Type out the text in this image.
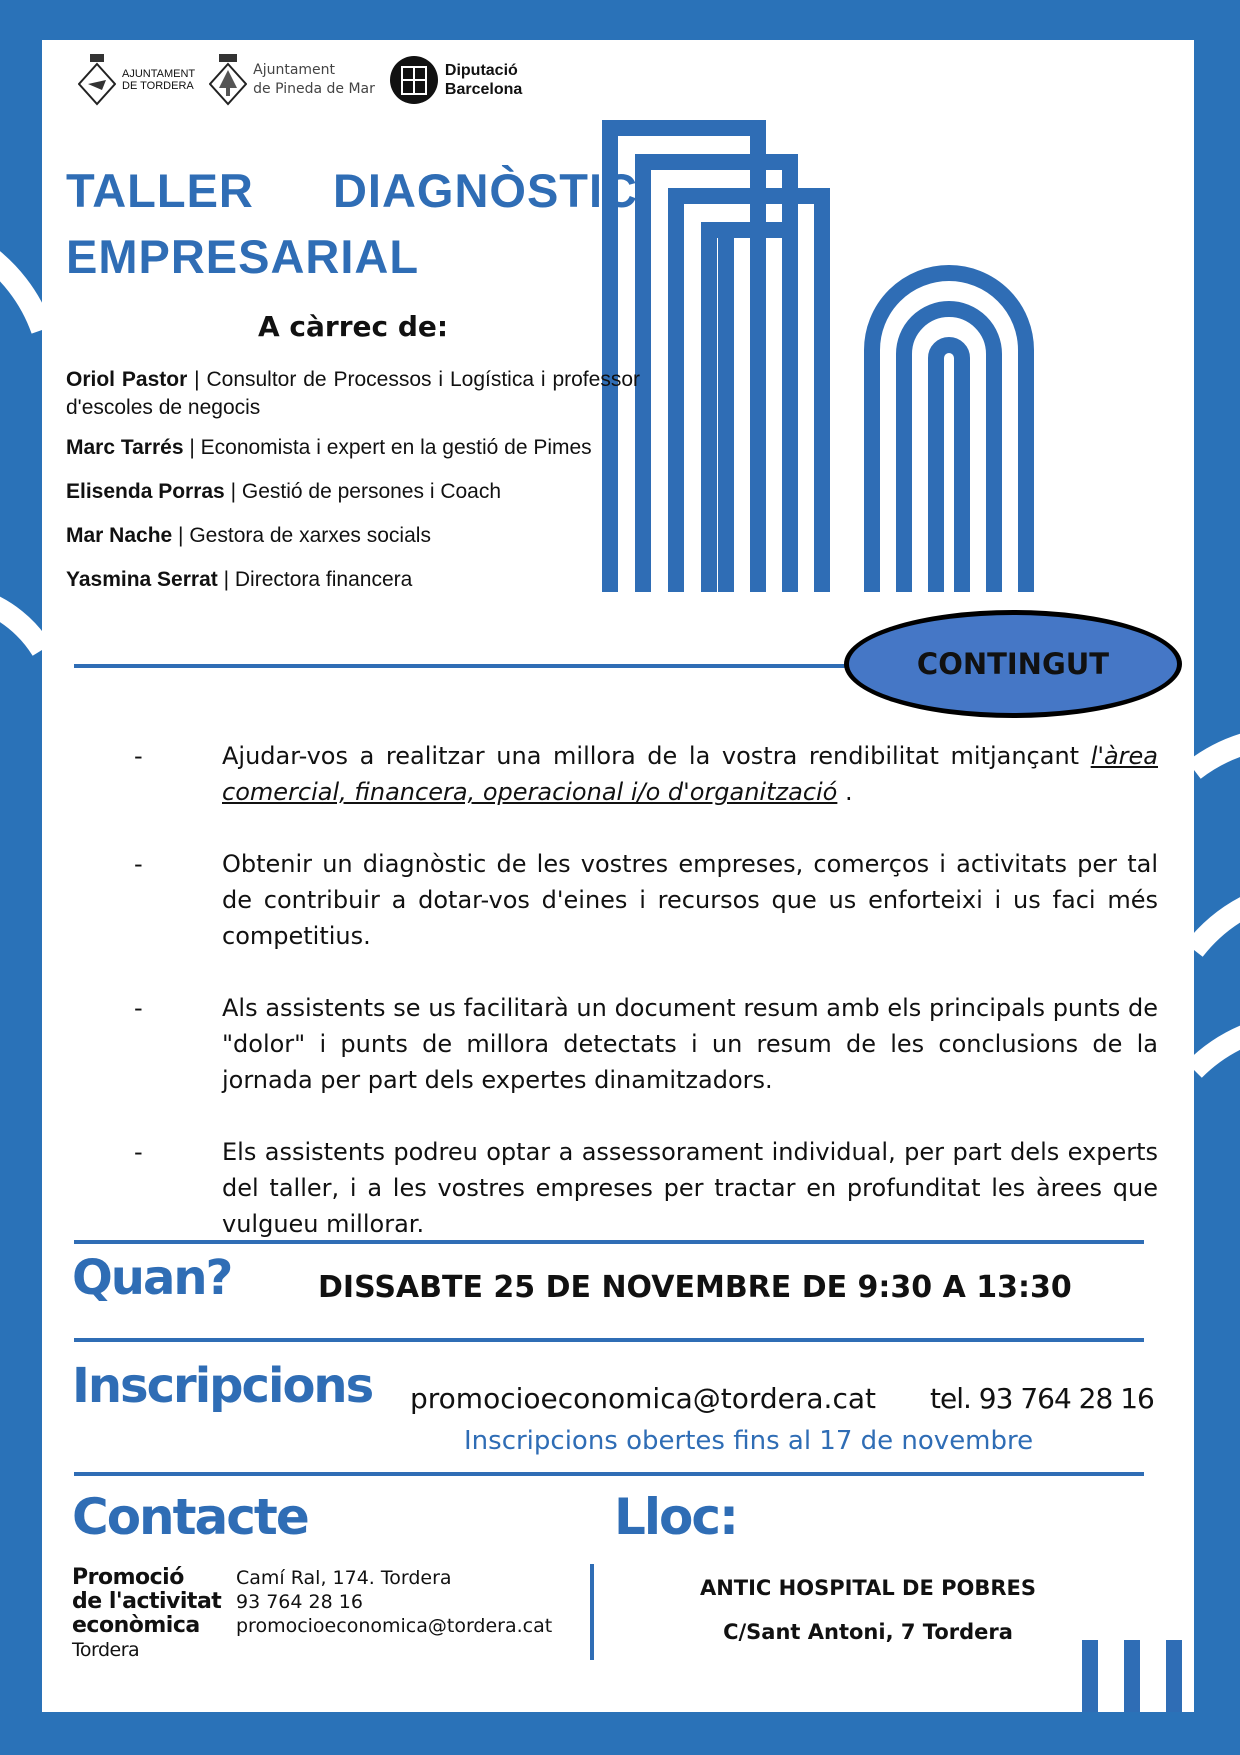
AJUNTAMENT
DE TORDERA
Ajuntament
de Pineda de Mar
Diputació
Barcelona
TALLER DIAGNÒSTIC
EMPRESARIAL
A càrrec de:
Oriol Pastor | Consultor de Processos i Logística i professor d'escoles de negocis
Marc Tarrés | Economista i expert en la gestió de Pimes
Elisenda Porras | Gestió de persones i Coach
Mar Nache | Gestora de xarxes socials
Yasmina Serrat | Directora financera
CONTINGUT
-	Ajudar-vos a realitzar una millora de la vostra rendibilitat mitjançant l'àrea comercial, financera, operacional i/o d'organització .
-	Obtenir un diagnòstic de les vostres empreses, comerços i activitats per tal de contribuir a dotar-vos d'eines i recursos que us enforteixi i us faci més competitius.
-	Als assistents se us facilitarà un document resum amb els principals punts de "dolor" i punts de millora detectats i un resum de les conclusions de la jornada per part dels expertes dinamitzadors.
-	Els assistents podreu optar a assessorament individual, per part dels experts del taller, i a les vostres empreses per tractar en profunditat les àrees que vulgueu millorar.
Quan?	DISSABTE 25 DE NOVEMBRE DE 9:30 A 13:30
Inscripcions promocioeconomica@tordera.cat tel. 93 764 28 16
Inscripcions obertes fins al 17 de novembre
Contacte	Lloc:
Promoció
de l'activitat
econòmica
Tordera
Camí Ral, 174. Tordera
93 764 28 16
promocioeconomica@tordera.cat
ANTIC HOSPITAL DE POBRES
C/Sant Antoni, 7 Tordera
